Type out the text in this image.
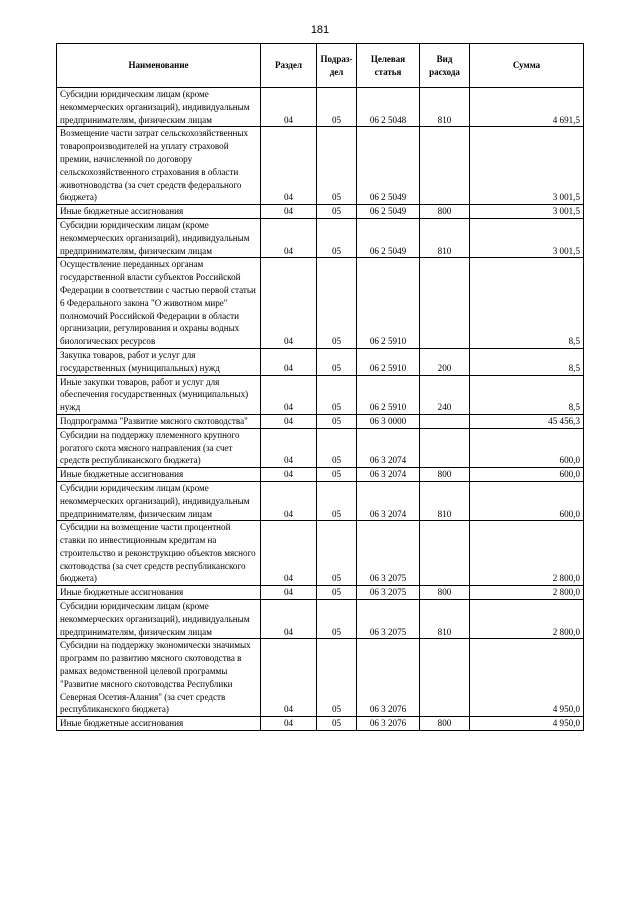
181
Наименование	Раздел	Подраз-дел	Целевая статья	Вид расхода	Сумма
Субсидии юридическим лицам (кроме некоммерческих организаций), индивидуальным предпринимателям, физическим лицам	04	05	06 2 5048	810	4 691,5
Возмещение части затрат сельскохозяйственных товаропроизводителей на уплату страховой премии, начисленной по договору сельскохозяйственного страхования в области животноводства (за счет средств федерального бюджета)	04	05	06 2 5049		3 001,5
Иные бюджетные ассигнования	04	05	06 2 5049	800	3 001,5
Субсидии юридическим лицам (кроме некоммерческих организаций), индивидуальным предпринимателям, физическим лицам	04	05	06 2 5049	810	3 001,5
Осуществление переданных органам государственной власти субъектов Российской Федерации в соответствии с частью первой статьи 6 Федерального закона "О животном мире" полномочий Российской Федерации в области организации, регулирования и охраны водных биологических ресурсов	04	05	06 2 5910		8,5
Закупка товаров, работ и услуг для государственных (муниципальных) нужд	04	05	06 2 5910	200	8,5
Иные закупки товаров, работ и услуг для обеспечения государственных (муниципальных) нужд	04	05	06 2 5910	240	8,5
Подпрограмма "Развитие мясного скотоводства"	04	05	06 3 0000		45 456,3
Субсидии на поддержку племенного крупного рогатого скота мясного направления (за счет средств республиканского бюджета)	04	05	06 3 2074		600,0
Иные бюджетные ассигнования	04	05	06 3 2074	800	600,0
Субсидии юридическим лицам (кроме некоммерческих организаций), индивидуальным предпринимателям, физическим лицам	04	05	06 3 2074	810	600,0
Субсидии на возмещение части процентной ставки по инвестиционным кредитам на строительство и реконструкцию объектов мясного скотоводства (за счет средств республиканского бюджета)	04	05	06 3 2075		2 800,0
Иные бюджетные ассигнования	04	05	06 3 2075	800	2 800,0
Субсидии юридическим лицам (кроме некоммерческих организаций), индивидуальным предпринимателям, физическим лицам	04	05	06 3 2075	810	2 800,0
Субсидии на поддержку экономически значимых программ по развитию мясного скотоводства в рамках ведомственной целевой программы "Развитие мясного скотоводства Республики Северная Осетия-Алания" (за счет средств республиканского бюджета)	04	05	06 3 2076		4 950,0
Иные бюджетные ассигнования	04	05	06 3 2076	800	4 950,0
